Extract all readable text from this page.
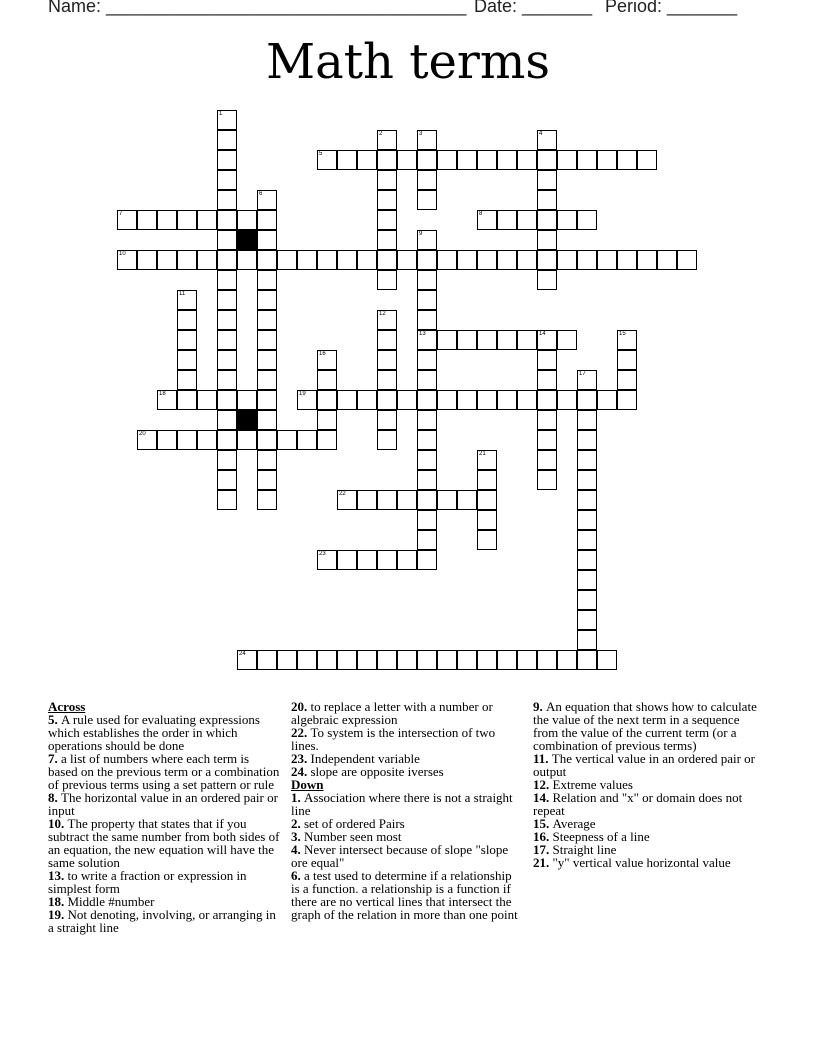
Name: ____________________________________ Date: _______ Period: _______
Math terms
5
7	8
10
13	14
18	19
20
22
23
24
1
2	3	4
6
9
11
12
15
16
17
21

Across

5. A rule used for evaluating expressions which establishes the order in which operations should be done

7. a list of numbers where each term is based on the previous term or a combination of previous terms using a set pattern or rule

8. The horizontal value in an ordered pair or input

10. The property that states that if you subtract the same number from both sides of an equation, the new equation will have the same solution

13. to write a fraction or expression in simplest form

18. Middle #number

19. Not denoting, involving, or arranging in a straight line

20. to replace a letter with a number or algebraic expression

22. To system is the intersection of two lines.

23. Independent variable

24. slope are opposite iverses

Down

1. Association where there is not a straight line

2. set of ordered Pairs

3. Number seen most

4. Never intersect because of slope "slope ore equal"

6. a test used to determine if a relationship is a function. a relationship is a function if there are no vertical lines that intersect the graph of the relation in more than one point

9. An equation that shows how to calculate the value of the next term in a sequence from the value of the current term (or a combination of previous terms)

11. The vertical value in an ordered pair or output

12. Extreme values

14. Relation and "x" or domain does not repeat

15. Average

16. Steepness of a line

17. Straight line

21. "y" vertical value horizontal value
